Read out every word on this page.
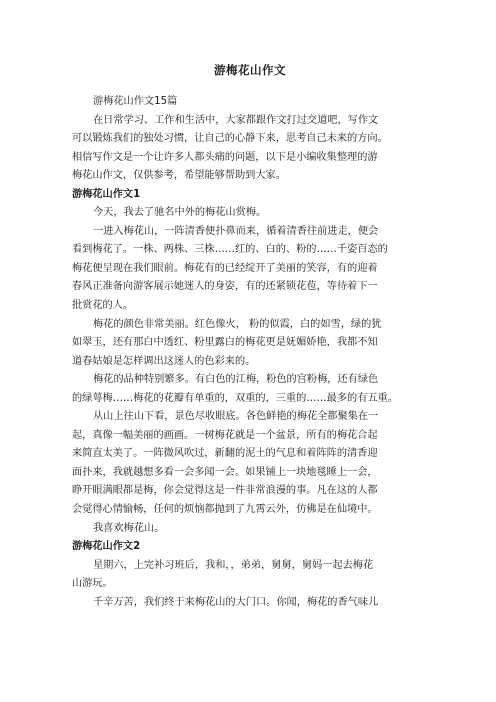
游梅花山作文
游梅花山作文15篇
在日常学习、工作和生活中，大家都跟作文打过交道吧，写作文
可以锻炼我们的独处习惯，让自己的心静下来，思考自己未来的方向。
相信写作文是一个让许多人都头痛的问题，以下是小编收集整理的游
梅花山作文，仅供参考，希望能够帮助到大家。
游梅花山作文1
今天，我去了驰名中外的梅花山赏梅。
一进入梅花山，一阵清香便扑鼻而来，循着清香往前进走，便会
看到梅花了。一株、两株、三株……红的、白的、粉的……千姿百态的
梅花便呈现在我们眼前。梅花有的已经绽开了美丽的笑容，有的迎着
春风正准备向游客展示她迷人的身姿，有的还紧锁花苞，等待着下一
批赏花的人。
梅花的颜色非常美丽。红色像火， 粉的似霞，白的如雪，绿的犹
如翠玉，还有那白中透红、粉里露白的梅花更是妩媚娇艳，我都不知
道春姑娘是怎样调出这迷人的色彩来的。
梅花的品种特别繁多。有白色的江梅，粉色的宫粉梅，还有绿色
的绿萼梅……梅花的花瓣有单重的，双重的，三重的……最多的有五重。
从山上往山下看，景色尽收眼底。各色鲜艳的梅花全都聚集在一
起，真像一幅美丽的画画。一树梅花就是一个盆景，所有的梅花合起
来简直太美了。一阵微风吹过，新翻的泥土的气息和着阵阵的清香迎
面扑来，我就越想多看一会多闻一会。如果铺上一块地毯睡上一会，
睁开眼满眼都是梅，你会觉得这是一件非常浪漫的事。凡在这的人都
会觉得心情愉畅，任何的烦恼都抛到了九霄云外，仿佛是在仙境中。
我喜欢梅花山。
游梅花山作文2
星期六，上完补习班后，我和，，弟弟，舅舅，舅妈一起去梅花
山游玩。
千辛万苦，我们终于来梅花山的大门口。你闻，梅花的香气味儿
